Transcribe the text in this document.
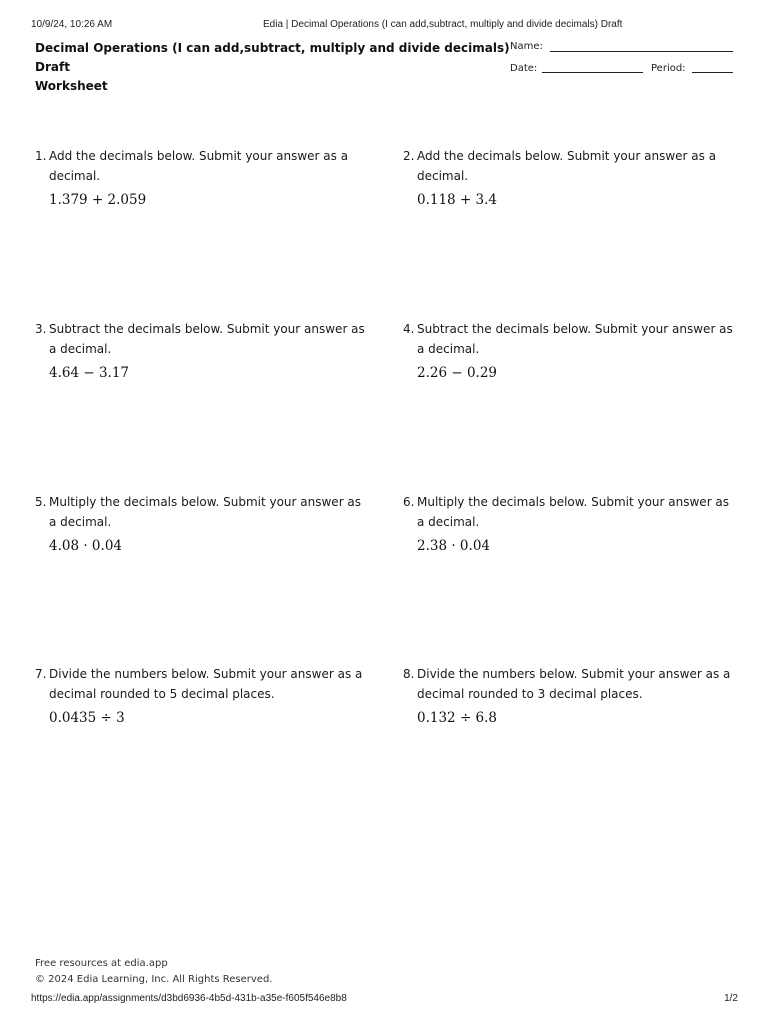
10/9/24, 10:26 AM	Edia | Decimal Operations (I can add,subtract, multiply and divide decimals) Draft
Decimal Operations (I can add,subtract, multiply and divide decimals)
Draft
Worksheet
Name:
Date:	Period:
1. Add the decimals below. Submit your answer as a decimal.
1.379 + 2.059
2. Add the decimals below. Submit your answer as a decimal.
0.118 + 3.4
3. Subtract the decimals below. Submit your answer as a decimal.
4.64 − 3.17
4. Subtract the decimals below. Submit your answer as a decimal.
2.26 − 0.29
5. Multiply the decimals below. Submit your answer as a decimal.
4.08 · 0.04
6. Multiply the decimals below. Submit your answer as a decimal.
2.38 · 0.04
7. Divide the numbers below. Submit your answer as a decimal rounded to 5 decimal places.
0.0435 ÷ 3
8. Divide the numbers below. Submit your answer as a decimal rounded to 3 decimal places.
0.132 ÷ 6.8
Free resources at edia.app
© 2024 Edia Learning, Inc. All Rights Reserved.
https://edia.app/assignments/d3bd6936-4b5d-431b-a35e-f605f546e8b8	1/2
